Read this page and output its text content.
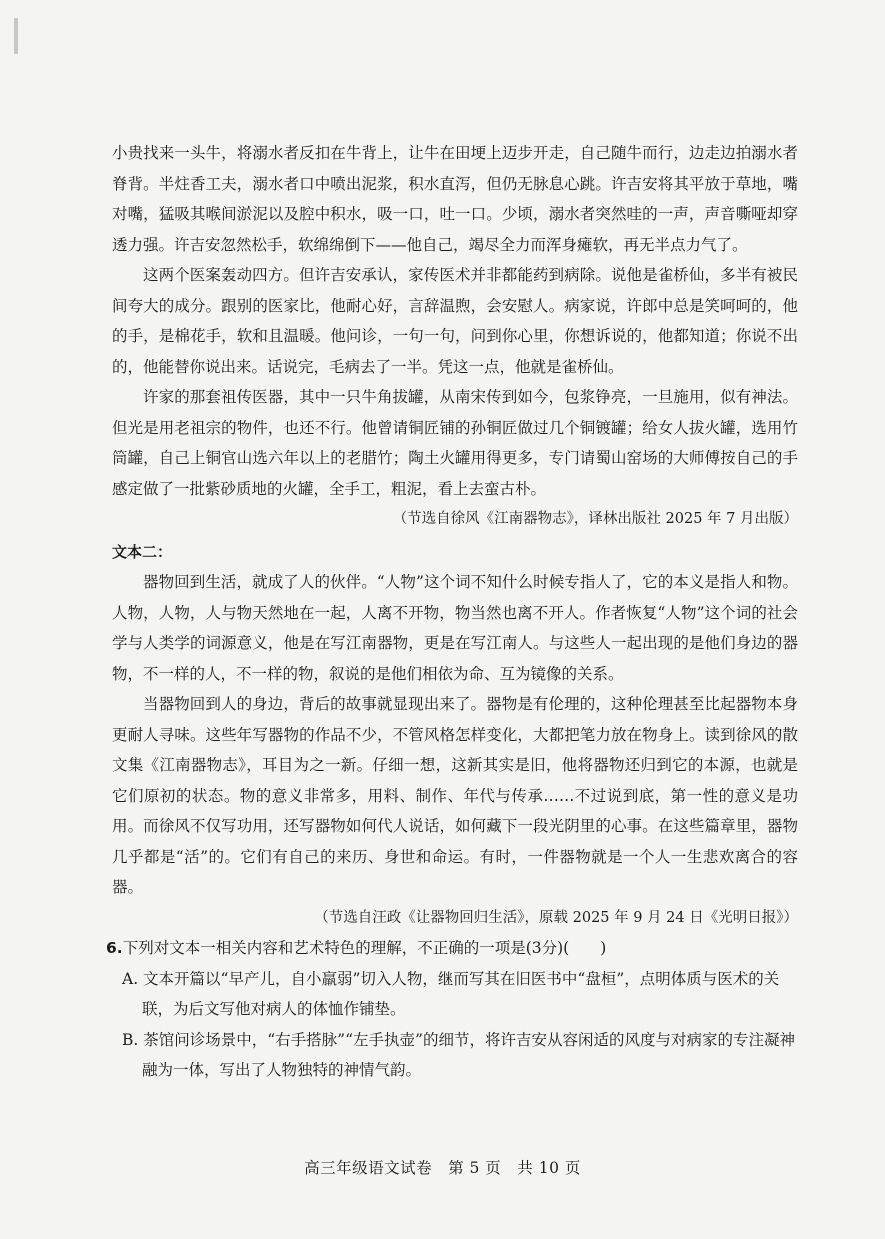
小贵找来一头牛，将溺水者反扣在牛背上，让牛在田埂上迈步开走，自己随牛而行，边走边拍溺水者脊背。半炷香工夫，溺水者口中喷出泥浆，积水直泻，但仍无脉息心跳。许吉安将其平放于草地，嘴对嘴，猛吸其喉间淤泥以及腔中积水，吸一口，吐一口。少顷，溺水者突然哇的一声，声音嘶哑却穿透力强。许吉安忽然松手，软绵绵倒下——他自己，竭尽全力而浑身瘫软，再无半点力气了。

这两个医案轰动四方。但许吉安承认，家传医术并非都能药到病除。说他是雀桥仙，多半有被民间夸大的成分。跟别的医家比，他耐心好，言辞温煦，会安慰人。病家说，许郎中总是笑呵呵的，他的手，是棉花手，软和且温暖。他问诊，一句一句，问到你心里，你想诉说的，他都知道；你说不出的，他能替你说出来。话说完，毛病去了一半。凭这一点，他就是雀桥仙。

许家的那套祖传医器，其中一只牛角拔罐，从南宋传到如今，包浆铮亮，一旦施用，似有神法。但光是用老祖宗的物件，也还不行。他曾请铜匠铺的孙铜匠做过几个铜镀罐；给女人拔火罐，选用竹筒罐，自己上铜官山选六年以上的老腊竹；陶土火罐用得更多，专门请蜀山窑场的大师傅按自己的手感定做了一批紫砂质地的火罐，全手工，粗泥，看上去蛮古朴。

（节选自徐风《江南器物志》，译林出版社 2025 年 7 月出版）

文本二：

器物回到生活，就成了人的伙伴。“人物”这个词不知什么时候专指人了，它的本义是指人和物。人物，人物，人与物天然地在一起，人离不开物，物当然也离不开人。作者恢复“人物”这个词的社会学与人类学的词源意义，他是在写江南器物，更是在写江南人。与这些人一起出现的是他们身边的器物，不一样的人，不一样的物，叙说的是他们相依为命、互为镜像的关系。

当器物回到人的身边，背后的故事就显现出来了。器物是有伦理的，这种伦理甚至比起器物本身更耐人寻味。这些年写器物的作品不少，不管风格怎样变化，大都把笔力放在物身上。读到徐风的散文集《江南器物志》，耳目为之一新。仔细一想，这新其实是旧，他将器物还归到它的本源，也就是它们原初的状态。物的意义非常多，用料、制作、年代与传承……不过说到底，第一性的意义是功用。而徐风不仅写功用，还写器物如何代人说话，如何藏下一段光阴里的心事。在这些篇章里，器物几乎都是“活”的。它们有自己的来历、身世和命运。有时，一件器物就是一个人一生悲欢离合的容器。

（节选自汪政《让器物回归生活》，原载 2025 年 9 月 24 日《光明日报》）

6.下列对文本一相关内容和艺术特色的理解，不正确的一项是(3分)(　　)

A. 文本开篇以“早产儿，自小羸弱”切入人物，继而写其在旧医书中“盘桓”，点明体质与医术的关联，为后文写他对病人的体恤作铺垫。

B. 茶馆问诊场景中，“右手搭脉”“左手执壶”的细节，将许吉安从容闲适的风度与对病家的专注凝神融为一体，写出了人物独特的神情气韵。

高三年级语文试卷　第 5 页　共 10 页
